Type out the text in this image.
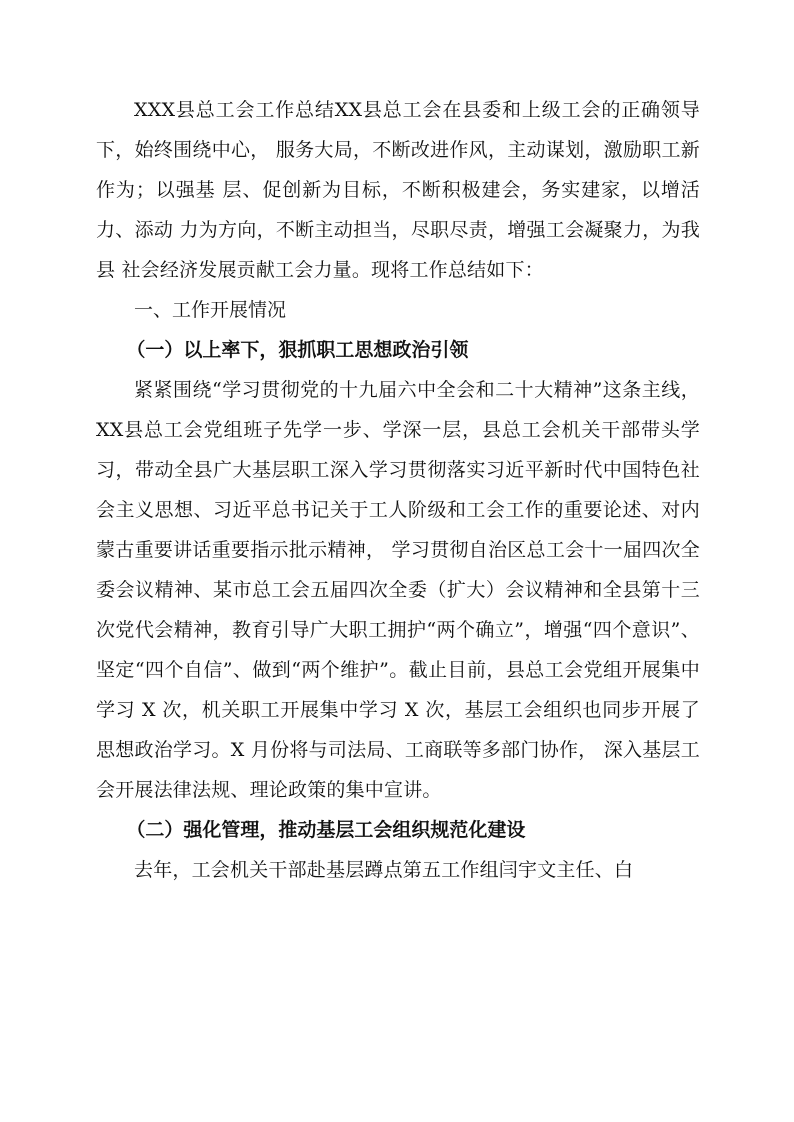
XXX县总工会工作总结XX县总工会在县委和上级工会的正确领导下，始终围绕中心， 服务大局，不断改进作风，主动谋划，激励职工新作为；以强基 层、促创新为目标，不断积极建会，务实建家，以增活力、添动 力为方向，不断主动担当，尽职尽责，增强工会凝聚力，为我县 社会经济发展贡献工会力量。现将工作总结如下：

一、工作开展情况
（一）以上率下，狠抓职工思想政治引领

紧紧围绕“学习贯彻党的十九届六中全会和二十大精神”这条主线，XX县总工会党组班子先学一步、学深一层，县总工会机关干部带头学习，带动全县广大基层职工深入学习贯彻落实习近平新时代中国特色社会主义思想、习近平总书记关于工人阶级和工会工作的重要论述、对内蒙古重要讲话重要指示批示精神， 学习贯彻自治区总工会十一届四次全委会议精神、某市总工会五届四次全委（扩大）会议精神和全县第十三次党代会精神，教育引导广大职工拥护“两个确立”，增强“四个意识”、坚定“四个自信”、做到“两个维护”。截止目前，县总工会党组开展集中学习 X 次，机关职工开展集中学习 X 次，基层工会组织也同步开展了思想政治学习。X 月份将与司法局、工商联等多部门协作， 深入基层工会开展法律法规、理论政策的集中宣讲。

（二）强化管理，推动基层工会组织规范化建设

去年，工会机关干部赴基层蹲点第五工作组闫宇文主任、白
